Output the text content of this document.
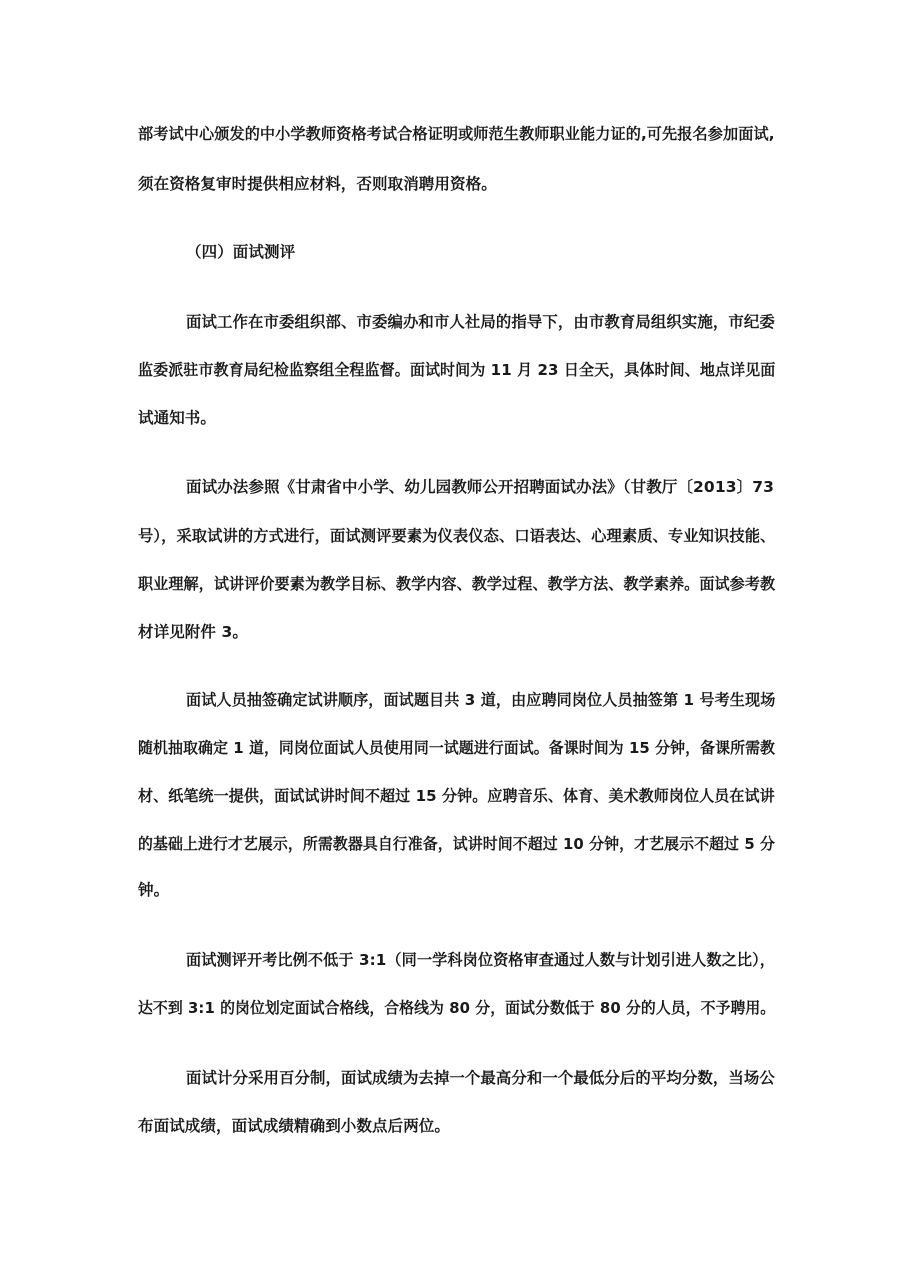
部考试中心颁发的中小学教师资格考试合格证明或师范生教师职业能力证的,可先报名参加面试,
须在资格复审时提供相应材料，否则取消聘用资格。
（四）面试测评
面试工作在市委组织部、市委编办和市人社局的指导下，由市教育局组织实施，市纪委
监委派驻市教育局纪检监察组全程监督。面试时间为 11 月 23 日全天，具体时间、地点详见面
试通知书。
面试办法参照《甘肃省中小学、幼儿园教师公开招聘面试办法》（甘教厅〔2013〕73
号），采取试讲的方式进行，面试测评要素为仪表仪态、口语表达、心理素质、专业知识技能、
职业理解，试讲评价要素为教学目标、教学内容、教学过程、教学方法、教学素养。面试参考教
材详见附件 3。
面试人员抽签确定试讲顺序，面试题目共 3 道，由应聘同岗位人员抽签第 1 号考生现场
随机抽取确定 1 道，同岗位面试人员使用同一试题进行面试。备课时间为 15 分钟，备课所需教
材、纸笔统一提供，面试试讲时间不超过 15 分钟。应聘音乐、体育、美术教师岗位人员在试讲
的基础上进行才艺展示，所需教器具自行准备，试讲时间不超过 10 分钟，才艺展示不超过 5 分
钟。
面试测评开考比例不低于 3:1（同一学科岗位资格审查通过人数与计划引进人数之比），
达不到 3:1 的岗位划定面试合格线，合格线为 80 分，面试分数低于 80 分的人员，不予聘用。
面试计分采用百分制，面试成绩为去掉一个最高分和一个最低分后的平均分数，当场公
布面试成绩，面试成绩精确到小数点后两位。
